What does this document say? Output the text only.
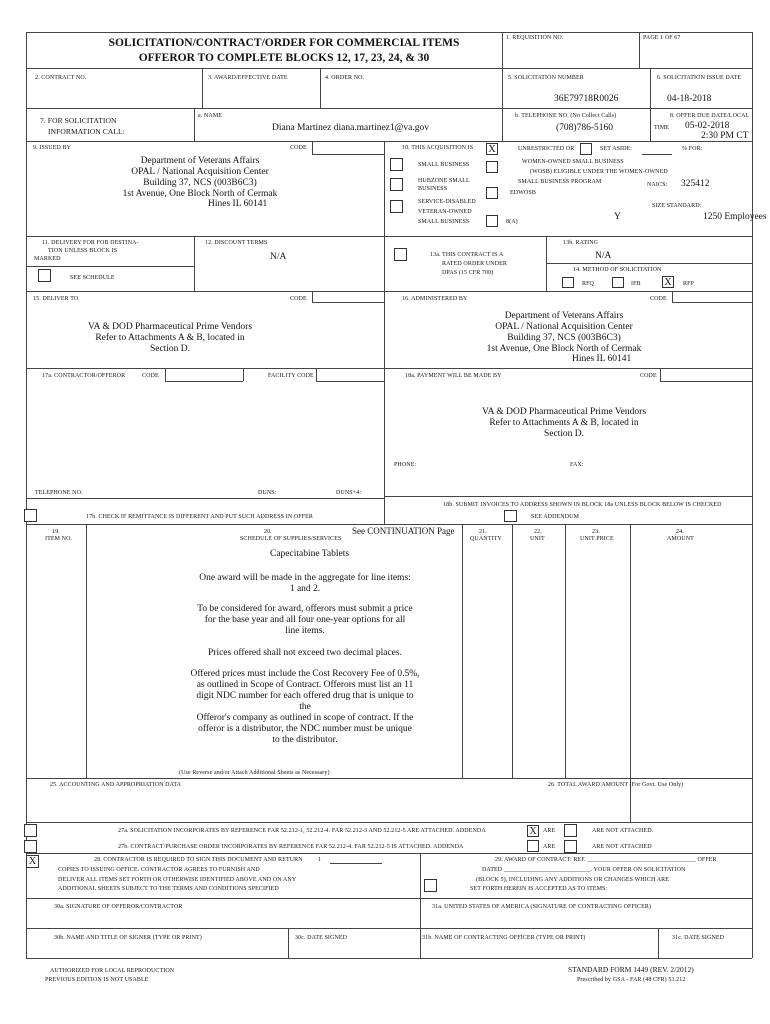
SOLICITATION/CONTRACT/ORDER FOR COMMERCIAL ITEMS
OFFEROR TO COMPLETE BLOCKS 12, 17, 23, 24, & 30
1. REQUISITION NO.	PAGE 1 OF 67
2. CONTRACT NO.	3. AWARD/EFFECTIVE DATE	4. ORDER NO.	5. SOLICITATION NUMBER
36E79718R0026
6. SOLICITATION ISSUE DATE
04-18-2018
7. FOR SOLICITATION
INFORMATION CALL:
a. NAME
Diana Martinez diana.martinez1@va.gov
b. TELEPHONE NO. (No Collect Calls)
(708)786-5160
8. OFFER DUE DATE/LOCAL
TIME 05-02-2018
2:30 PM CT
9. ISSUED BY	CODE
Department of Veterans Affairs
OPAL / National Acquisition Center
Building 37, NCS (003B6C3)
1st Avenue, One Block North of Cermak
Hines IL 60141
10. THIS ACQUISITION IS X	UNRESTRICTED OR	SET ASIDE:	% FOR:
SMALL BUSINESS	WOMEN-OWNED SMALL BUSINESS
(WOSB) ELIGIBLE UNDER THE WOMEN-OWNED
SMALL BUSINESS PROGRAM	NAICS: 325412
HUBZONE SMALL
BUSINESS
EDWOSB
SERVICE-DISABLED
VETERAN-OWNED
SMALL BUSINESS	8(A)
SIZE STANDARD:
Y	1250 Employees
11. DELIVERY FOR FOB DESTINA-
TION UNLESS BLOCK IS
MARKED
SEE SCHEDULE
12. DISCOUNT TERMS
N/A	13a. THIS CONTRACT IS A
RATED ORDER UNDER
DPAS (15 CFR 700)
13b. RATING
N/A
14. METHOD OF SOLICITATION
RFQ	IFB X	RFP
15. DELIVER TO	CODE
VA & DOD Pharmaceutical Prime Vendors
Refer to Attachments A & B, located in
Section D.
16. ADMINISTERED BY	CODE
Department of Veterans Affairs
OPAL / National Acquisition Center
Building 37, NCS (003B6C3)
1st Avenue, One Block North of Cermak
Hines IL 60141
17a. CONTRACTOR/OFFEROR	CODE	FACILITY CODE	18a. PAYMENT WILL BE MADE BY	CODE
VA & DOD Pharmaceutical Prime Vendors
Refer to Attachments A & B, located in
Section D.
PHONE:	FAX:
TELEPHONE NO.	DUNS:	DUNS+4:
18b. SUBMIT INVOICES TO ADDRESS SHOWN IN BLOCK 18a UNLESS BLOCK BELOW IS CHECKED
17b. CHECK IF REMITTANCE IS DIFFERENT AND PUT SUCH ADDRESS IN OFFER	SEE ADDENDUM
19.
ITEM NO.
20.
SCHEDULE OF SUPPLIES/SERVICES
See CONTINUATION Page	21.
QUANTITY
22.
UNIT
23.
UNIT PRICE
24.
AMOUNT
Capecitabine Tablets
One award will be made in the aggregate for line items:
1 and 2.
To be considered for award, offerors must submit a price
for the base year and all four one-year options for all
line items.
Prices offered shall not exceed two decimal places.
Offered prices must include the Cost Recovery Fee of 0.5%,
as outlined in Scope of Contract. Offerors must list an 11
digit NDC number for each offered drug that is unique to the
Offeror's company as outlined in scope of contract. If the
offeror is a distributor, the NDC number must be unique
to the distributor.
(Use Reverse and/or Attach Additional Sheets as Necessary)
25. ACCOUNTING AND APPROPRIATION DATA	26. TOTAL AWARD AMOUNT (For Govt. Use Only)
27a. SOLICITATION INCORPORATES BY REFERENCE FAR 52.212-1, 52.212-4. FAR 52.212-3 AND 52.212-5 ARE ATTACHED. ADDENDA	X	ARE	ARE NOT ATTACHED.
27b. CONTRACT/PURCHASE ORDER INCORPORATES BY REFERENCE FAR 52.212-4. FAR 52.212-5 IS ATTACHED. ADDENDA	ARE	ARE NOT ATTACHED
X	28. CONTRACTOR IS REQUIRED TO SIGN THIS DOCUMENT AND RETURN	1
COPIES TO ISSUING OFFICE. CONTRACTOR AGREES TO FURNISH AND
DELIVER ALL ITEMS SET FORTH OR OTHERWISE IDENTIFIED ABOVE AND ON ANY
ADDITIONAL SHEETS SUBJECT TO THE TERMS AND CONDITIONS SPECIFIED
29. AWARD OF CONTRACT: REF. ___________________________________ OFFER
DATED ____________________________. YOUR OFFER ON SOLICITATION
(BLOCK 5), INCLUDING ANY ADDITIONS OR CHANGES WHICH ARE
SET FORTH HEREIN IS ACCEPTED AS TO ITEMS:
30a. SIGNATURE OF OFFEROR/CONTRACTOR	31a. UNITED STATES OF AMERICA (SIGNATURE OF CONTRACTING OFFICER)
30b. NAME AND TITLE OF SIGNER (TYPE OR PRINT)	30c. DATE SIGNED	31b. NAME OF CONTRACTING OFFICER (TYPE OR PRINT)	31c. DATE SIGNED
AUTHORIZED FOR LOCAL REPRODUCTION
PREVIOUS EDITION IS NOT USABLE
STANDARD FORM 1449 (REV. 2/2012)
Prescribed by GSA - FAR (48 CFR) 53.212
